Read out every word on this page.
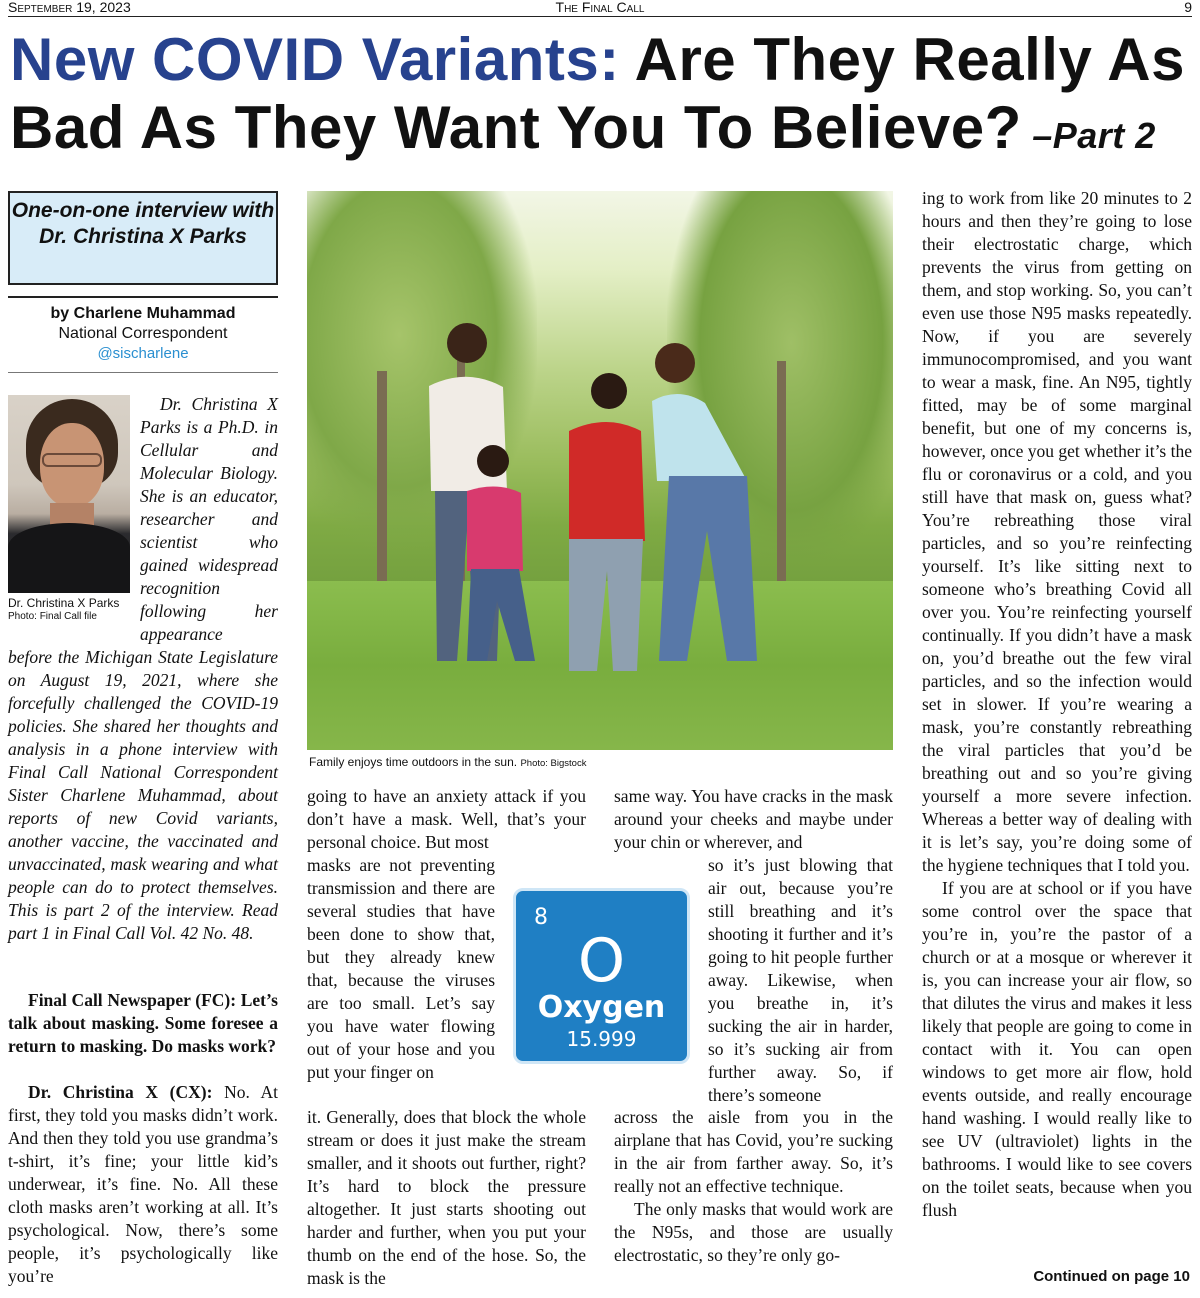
September 19, 2023	The Final Call	9
New COVID Variants: Are They Really As Bad As They Want You To Believe? –Part 2
One-on-one interview with Dr. Christina X Parks
by Charlene Muhammad
National Correspondent
@sischarlene
Dr. Christina X Parks
Photo: Final Call file
Dr. Christina X Parks is a Ph.D. in Cellular and Molecular Biology. She is an educator, researcher and scientist who gained widespread recognition following her appearance
before the Michigan State Legislature on August 19, 2021, where she forcefully challenged the COVID-19 policies. She shared her thoughts and analysis in a phone interview with Final Call National Correspondent Sister Charlene Muhammad, about reports of new Covid variants, another vaccine, the vaccinated and unvaccinated, mask wearing and what people can do to protect themselves. This is part 2 of the interview. Read part 1 in Final Call Vol. 42 No. 48.
Final Call Newspaper (FC): Let’s talk about masking. Some foresee a return to masking. Do masks work?
Dr. Christina X (CX): No. At first, they told you masks didn’t work. And then they told you use grandma’s t-shirt, it’s fine; your little kid’s underwear, it’s fine. No. All these cloth masks aren’t working at all. It’s psychological. Now, there’s some people, it’s psychologically like you’re
Family enjoys time outdoors in the sun. Photo: Bigstock
going to have an anxiety attack if you don’t have a mask. Well, that’s your personal choice. But most
masks are not preventing transmission and there are several studies that have been done to show that, but they already knew that, because the viruses are too small. Let’s say you have water flowing out of your hose and you put your finger on
it. Generally, does that block the whole stream or does it just make the stream smaller, and it shoots out further, right? It’s hard to block the pressure altogether. It just starts shooting out harder and further, when you put your thumb on the end of the hose. So, the mask is the
8
O
Oxygen
15.999
same way. You have cracks in the mask around your cheeks and maybe under your chin or wherever, and
so it’s just blowing that air out, because you’re still breathing and it’s shooting it further and it’s going to hit people further away. Likewise, when you breathe in, it’s sucking the air in harder, so it’s sucking air from further away. So, if there’s someone
across the aisle from you in the airplane that has Covid, you’re sucking in the air from farther away. So, it’s really not an effective technique.
The only masks that would work are the N95s, and those are usually electrostatic, so they’re only go-
ing to work from like 20 minutes to 2 hours and then they’re going to lose their electrostatic charge, which prevents the virus from getting on them, and stop working. So, you can’t even use those N95 masks repeatedly. Now, if you are severely immunocompromised, and you want to wear a mask, fine. An N95, tightly fitted, may be of some marginal benefit, but one of my concerns is, however, once you get whether it’s the flu or coronavirus or a cold, and you still have that mask on, guess what? You’re rebreathing those viral particles, and so you’re reinfecting yourself. It’s like sitting next to someone who’s breathing Covid all over you. You’re reinfecting yourself continually. If you didn’t have a mask on, you’d breathe out the few viral particles, and so the infection would set in slower. If you’re wearing a mask, you’re constantly rebreathing the viral particles that you’d be breathing out and so you’re giving yourself a more severe infection. Whereas a better way of dealing with it is let’s say, you’re doing some of the hygiene techniques that I told you.
If you are at school or if you have some control over the space that you’re in, you’re the pastor of a church or at a mosque or wherever it is, you can increase your air flow, so that dilutes the virus and makes it less likely that people are going to come in contact with it. You can open windows to get more air flow, hold events outside, and really encourage hand washing. I would really like to see UV (ultraviolet) lights in the bathrooms. I would like to see covers on the toilet seats, because when you flush
Continued on page 10
